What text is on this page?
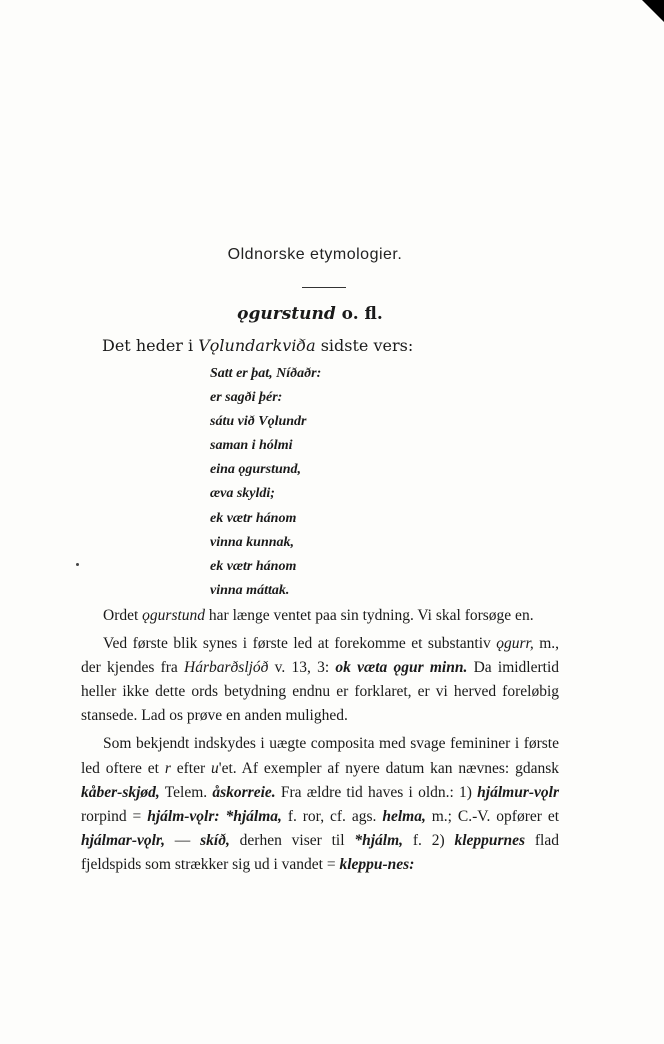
Oldnorske etymologier.
ǫgurstund o. fl.
Det heder i Vǫlundarkviða sidste vers:
Satt er þat, Níðaðr:
er sagði þér:
sátu við Vǫlundr
saman i hólmi
eina ǫgurstund,
æva skyldi;
ek vætr hánom
vinna kunnak,
ek vætr hánom
vinna máttak.

Ordet ǫgurstund har længe ventet paa sin tydning. Vi skal forsøge en.

Ved første blik synes i første led at forekomme et substantiv ǫgurr, m., der kjendes fra Hárbarðsljóð v. 13, 3: ok væta ǫgur minn. Da imidlertid heller ikke dette ords betydning endnu er forklaret, er vi herved foreløbig stansede. Lad os prøve en anden mulighed.

Som bekjendt indskydes i uægte composita med svage femininer i første led oftere et r efter u'et. Af exempler af nyere datum kan nævnes: gdansk kåber-skjød, Telem. åskorreie. Fra ældre tid haves i oldn.: 1) hjálmur-vǫlr rorpind = hjálm-vǫlr: *hjálma, f. ror, cf. ags. helma, m.; C.-V. opfører et hjálmar-vǫlr, — skíð, derhen viser til *hjálm, f. 2) kleppurnes flad fjeldspids som strækker sig ud i vandet = kleppu-nes:
